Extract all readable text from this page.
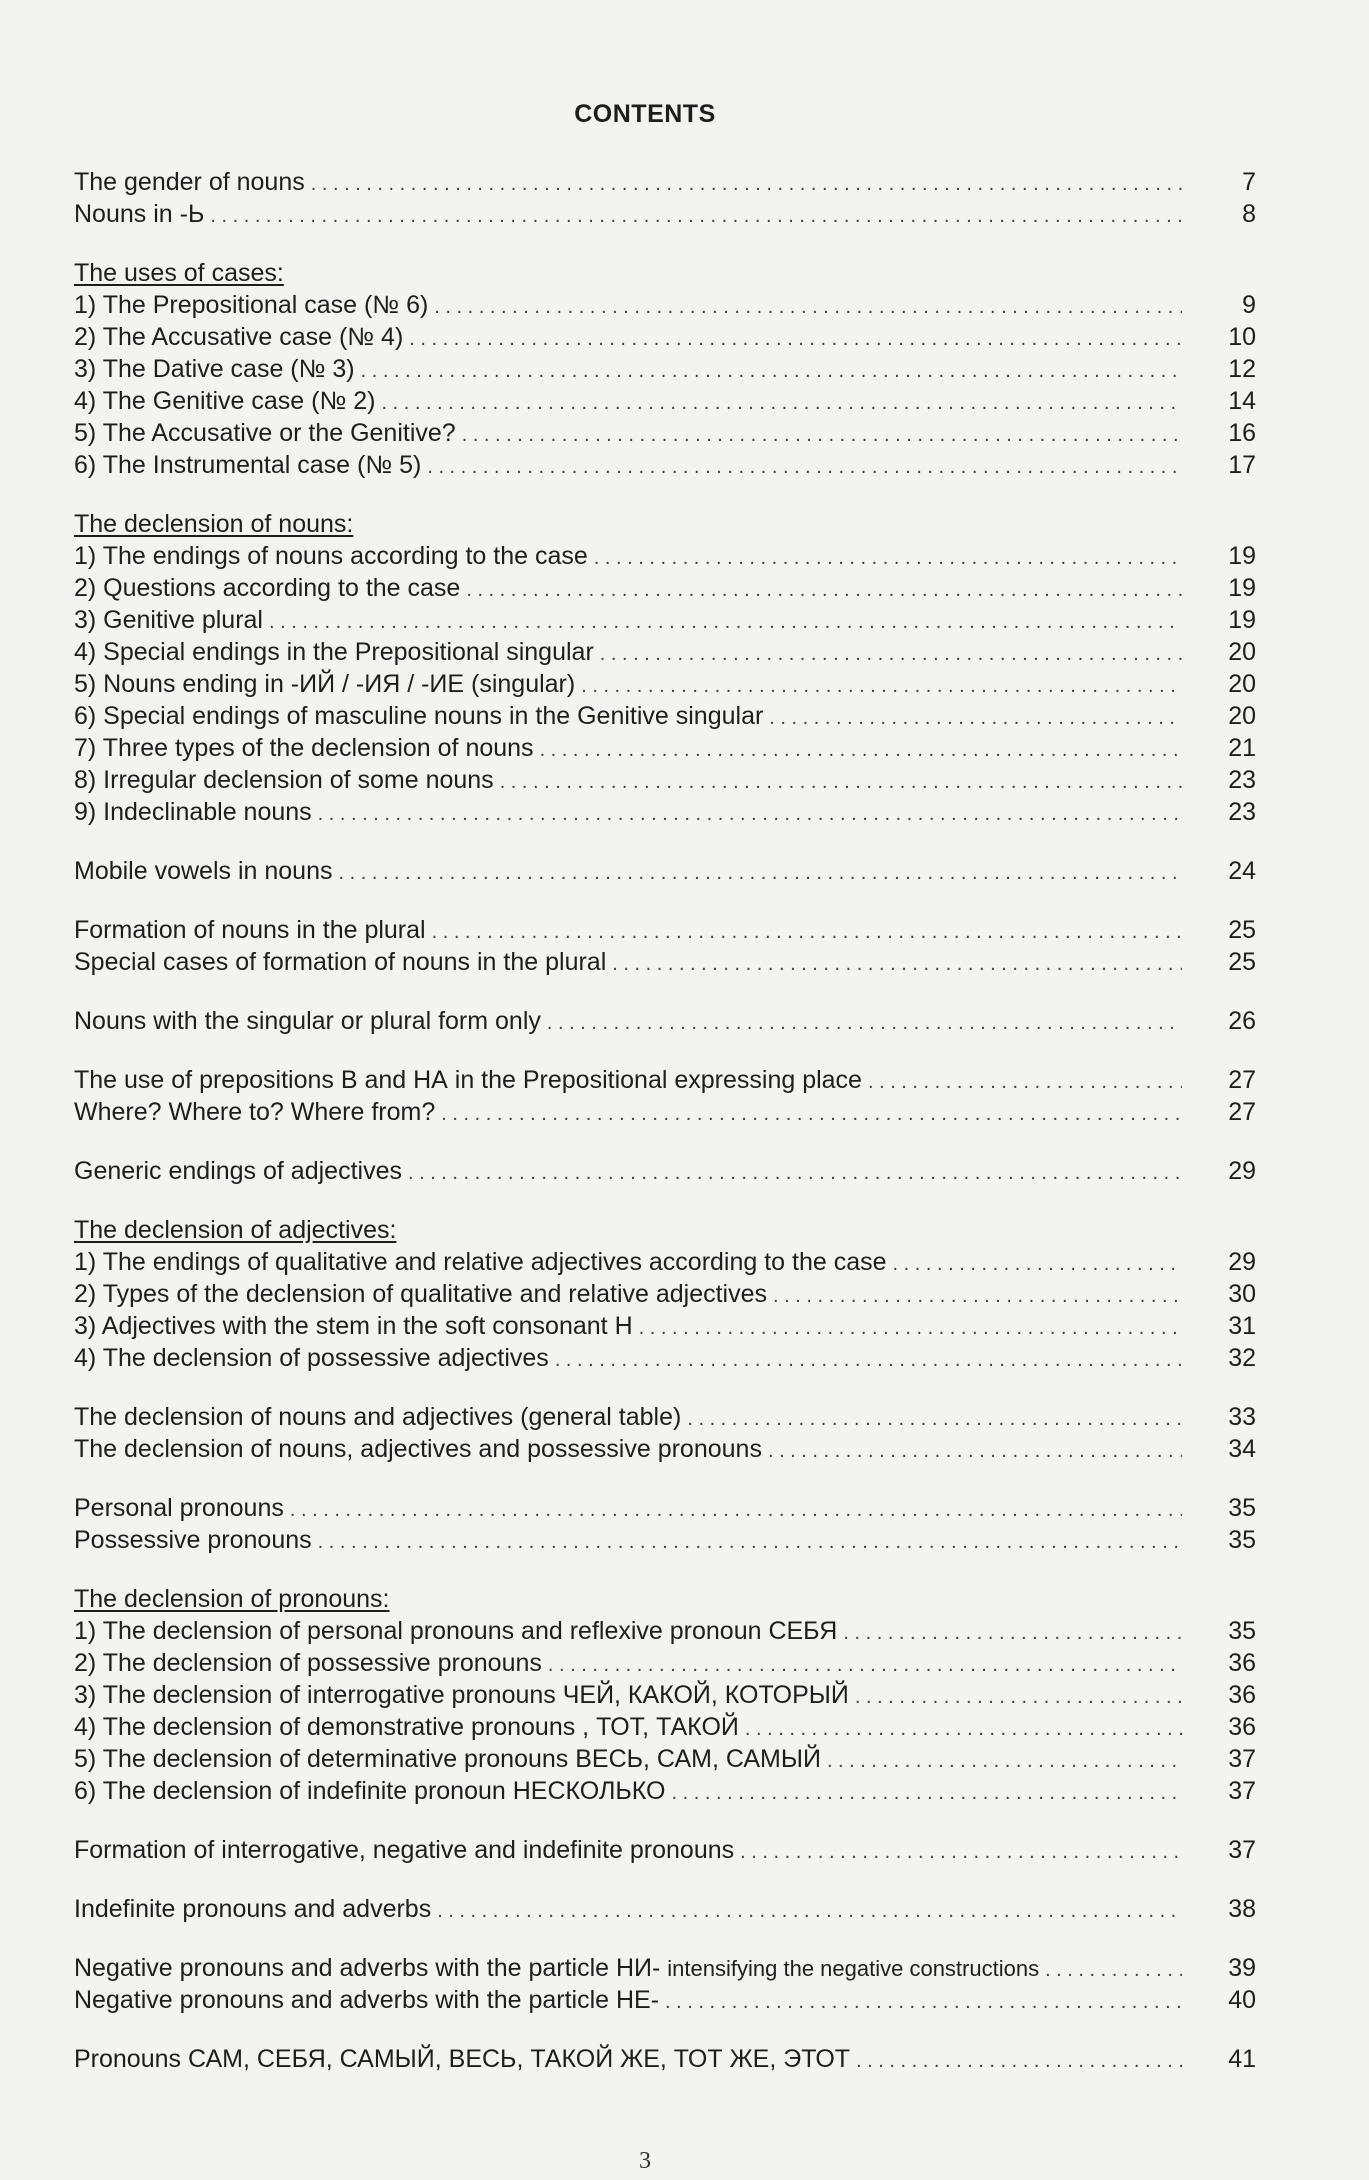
CONTENTS
The gender of nouns . . .	7
Nouns in -Ь . . .	8
The uses of cases:
1) The Prepositional case (№ 6) . . .	9
2) The Accusative case (№ 4) . . .	10
3) The Dative case (№ 3) . . .	12
4) The Genitive case (№ 2) . . .	14
5) The Accusative or the Genitive? . . .	16
6) The Instrumental case (№ 5) . . .	17
The declension of nouns:
1) The endings of nouns according to the case . . .	19
2) Questions according to the case . . .	19
3) Genitive plural . . .	19
4) Special endings in the Prepositional singular . . .	20
5) Nouns ending in -ИЙ / -ИЯ / -ИЕ (singular) . . .	20
6) Special endings of masculine nouns in the Genitive singular . . .	20
7) Three types of the declension of nouns . . .	21
8) Irregular declension of some nouns . . .	23
9) Indeclinable nouns . . .	23
Mobile vowels in nouns . . .	24
Formation of nouns in the plural . . .	25
Special cases of formation of nouns in the plural . . .	25
Nouns with the singular or plural form only . . .	26
The use of prepositions В and НА in the Prepositional expressing place . . .	27
Where? Where to? Where from? . . .	27
Generic endings of adjectives . . .	29
The declension of adjectives:
1) The endings of qualitative and relative adjectives according to the case . . .	29
2) Types of the declension of qualitative and relative adjectives . . .	30
3) Adjectives with the stem in the soft consonant Н . . .	31
4) The declension of possessive adjectives . . .	32
The declension of nouns and adjectives (general table) . . .	33
The declension of nouns, adjectives and possessive pronouns . . .	34
Personal pronouns . . .	35
Possessive pronouns . . .	35
The declension of pronouns:
1) The declension of personal pronouns and reflexive pronoun СЕБЯ . . .	35
2) The declension of possessive pronouns . . .	36
3) The declension of interrogative pronouns ЧЕЙ, КАКОЙ, КОТОРЫЙ . . .	36
4) The declension of demonstrative pronouns , ТОТ, ТАКОЙ . . .	36
5) The declension of determinative pronouns ВЕСЬ, САМ, САМЫЙ . . .	37
6) The declension of indefinite pronoun НЕСКОЛЬКО . . .	37
Formation of interrogative, negative and indefinite pronouns . . .	37
Indefinite pronouns and adverbs . . .	38
Negative pronouns and adverbs with the particle НИ- intensifying the negative constructions . . .	39
Negative pronouns and adverbs with the particle НЕ- . . .	40
Pronouns САМ, СЕБЯ, САМЫЙ, ВЕСЬ, ТАКОЙ ЖЕ, ТОТ ЖЕ, ЭТОТ . . .	41
3
